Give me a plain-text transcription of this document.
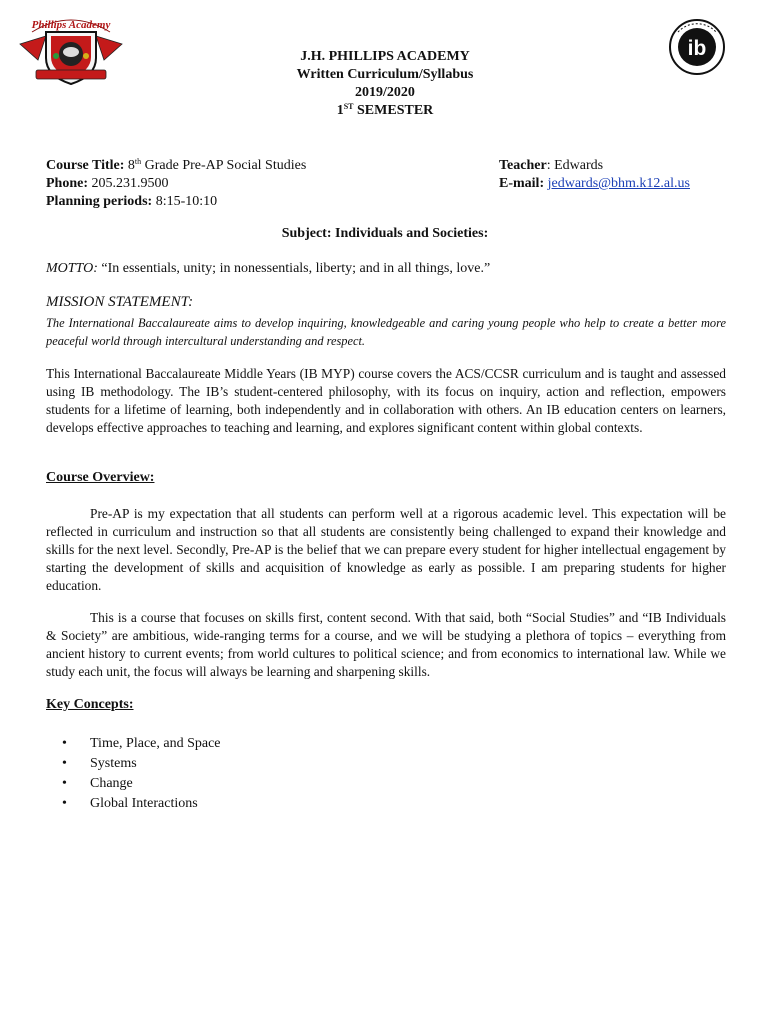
Phillips Academy
ib
J.H. PHILLIPS ACADEMY
Written Curriculum/Syllabus
2019/2020
1ST SEMESTER
Course Title: 8th Grade Pre-AP Social Studies
Phone: 205.231.9500
Planning periods: 8:15-10:10
Teacher: Edwards
E-mail: jedwards@bhm.k12.al.us
Subject: Individuals and Societies:
MOTTO: “In essentials, unity; in nonessentials, liberty; and in all things, love.”
MISSION STATEMENT:
The International Baccalaureate aims to develop inquiring, knowledgeable and caring young people who help to create a better more peaceful world through intercultural understanding and respect.
This International Baccalaureate Middle Years (IB MYP) course covers the ACS/CCSR curriculum and is taught and assessed using IB methodology. The IB’s student-centered philosophy, with its focus on inquiry, action and reflection, empowers students for a lifetime of learning, both independently and in collaboration with others. An IB education centers on learners, develops effective approaches to teaching and learning, and explores significant content within global contexts.
Course Overview:
Pre-AP is my expectation that all students can perform well at a rigorous academic level. This expectation will be reflected in curriculum and instruction so that all students are consistently being challenged to expand their knowledge and skills for the next level. Secondly, Pre-AP is the belief that we can prepare every student for higher intellectual engagement by starting the development of skills and acquisition of knowledge as early as possible. I am preparing students for higher education.
This is a course that focuses on skills first, content second. With that said, both “Social Studies” and “IB Individuals & Society” are ambitious, wide-ranging terms for a course, and we will be studying a plethora of topics – everything from ancient history to current events; from world cultures to political science; and from economics to international law. While we study each unit, the focus will always be learning and sharpening skills.
Key Concepts:
• Time, Place, and Space
• Systems
• Change
• Global Interactions
